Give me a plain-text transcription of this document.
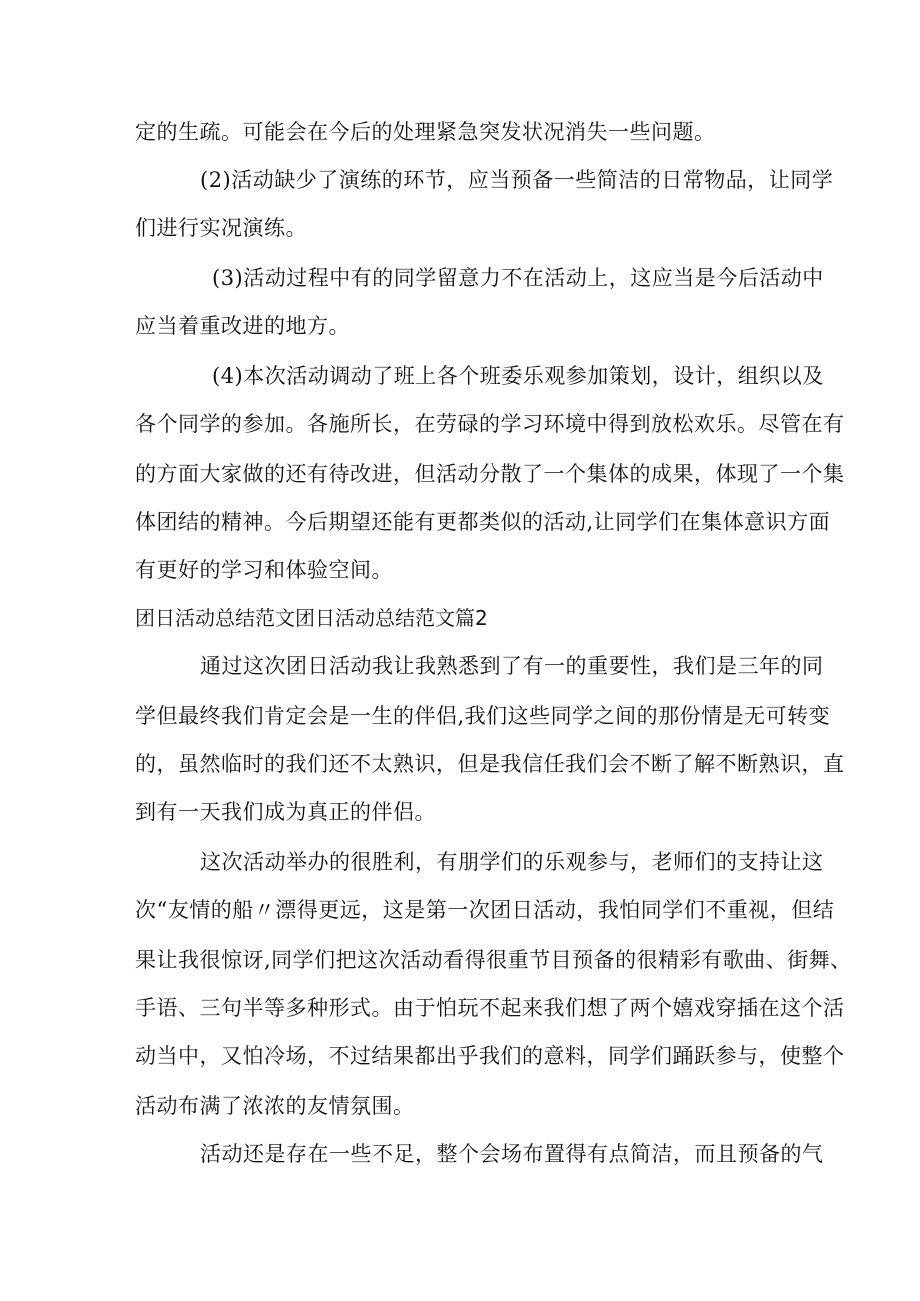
定的生疏。可能会在今后的处理紧急突发状况消失一些问题。
(2)活动缺少了演练的环节，应当预备一些简洁的日常物品，让同学
们进行实况演练。
(3)活动过程中有的同学留意力不在活动上，这应当是今后活动中
应当着重改进的地方。
(4)本次活动调动了班上各个班委乐观参加策划，设计，组织以及
各个同学的参加。各施所长，在劳碌的学习环境中得到放松欢乐。尽管在有
的方面大家做的还有待改进，但活动分散了一个集体的成果，体现了一个集
体团结的精神。今后期望还能有更都类似的活动,让同学们在集体意识方面
有更好的学习和体验空间。
团日活动总结范文团日活动总结范文篇2
通过这次团日活动我让我熟悉到了有一的重要性，我们是三年的同
学但最终我们肯定会是一生的伴侣,我们这些同学之间的那份情是无可转变
的，虽然临时的我们还不太熟识，但是我信任我们会不断了解不断熟识，直
到有一天我们成为真正的伴侣。
这次活动举办的很胜利，有朋学们的乐观参与，老师们的支持让这
次“友情的船〃漂得更远，这是第一次团日活动，我怕同学们不重视，但结
果让我很惊讶,同学们把这次活动看得很重节目预备的很精彩有歌曲、街舞、
手语、三句半等多种形式。由于怕玩不起来我们想了两个嬉戏穿插在这个活
动当中，又怕冷场，不过结果都出乎我们的意料，同学们踊跃参与，使整个
活动布满了浓浓的友情氛围。
活动还是存在一些不足，整个会场布置得有点简洁，而且预备的气
